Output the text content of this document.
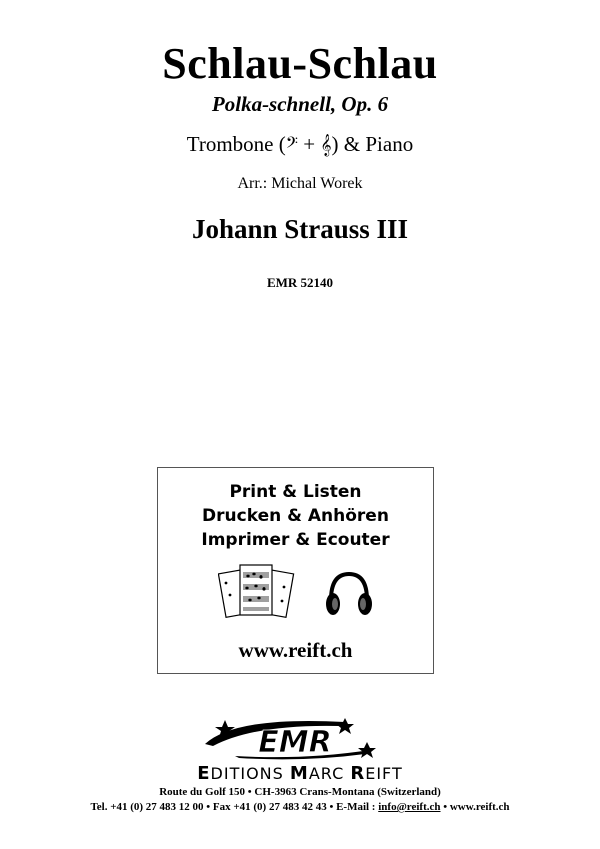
Schlau-Schlau
Polka-schnell, Op. 6
Trombone (𝄢 + 𝄞) & Piano
Arr.: Michal Worek
Johann Strauss III
EMR 52140
Print & Listen
Drucken & Anhören
Imprimer & Ecouter
www.reift.ch
EMR
EDITIONS MARC REIFT
Route du Golf 150 • CH-3963 Crans-Montana (Switzerland)
Tel. +41 (0) 27 483 12 00 • Fax +41 (0) 27 483 42 43 • E-Mail : info@reift.ch • www.reift.ch
